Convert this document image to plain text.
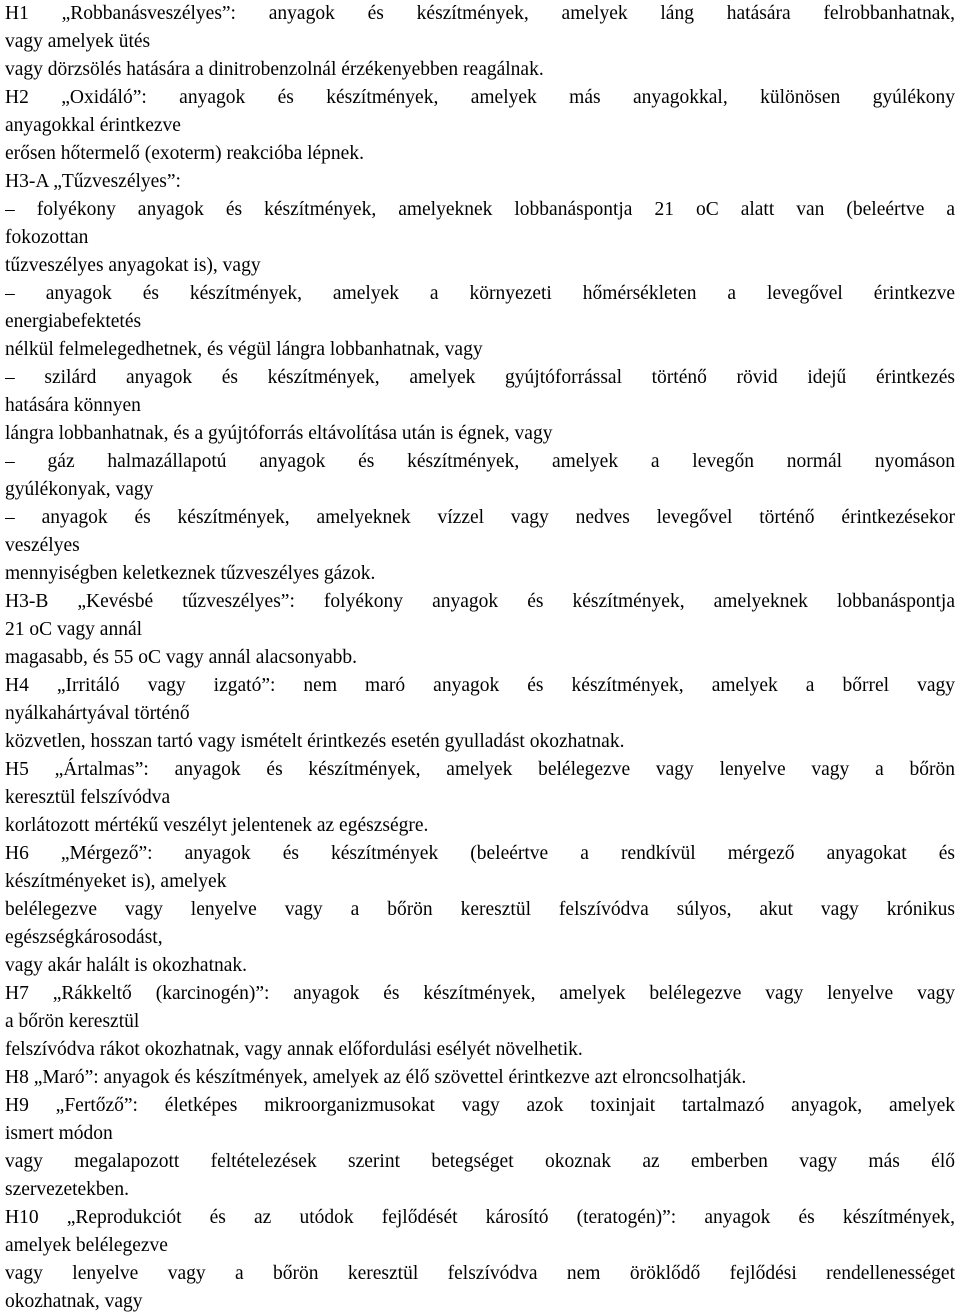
H1 „Robbanásveszélyes”: anyagok és készítmények, amelyek láng hatására felrobbanhatnak,
vagy amelyek ütés
vagy dörzsölés hatására a dinitrobenzolnál érzékenyebben reagálnak.
H2 „Oxidáló”: anyagok és készítmények, amelyek más anyagokkal, különösen gyúlékony
anyagokkal érintkezve
erősen hőtermelő (exoterm) reakcióba lépnek.
H3-A „Tűzveszélyes”:
– folyékony anyagok és készítmények, amelyeknek lobbanáspontja 21 oC alatt van (beleértve a
fokozottan
tűzveszélyes anyagokat is), vagy
– anyagok és készítmények, amelyek a környezeti hőmérsékleten a levegővel érintkezve
energiabefektetés
nélkül felmelegedhetnek, és végül lángra lobbanhatnak, vagy
– szilárd anyagok és készítmények, amelyek gyújtóforrással történő rövid idejű érintkezés
hatására könnyen
lángra lobbanhatnak, és a gyújtóforrás eltávolítása után is égnek, vagy
– gáz halmazállapotú anyagok és készítmények, amelyek a levegőn normál nyomáson
gyúlékonyak, vagy
– anyagok és készítmények, amelyeknek vízzel vagy nedves levegővel történő érintkezésekor
veszélyes
mennyiségben keletkeznek tűzveszélyes gázok.
H3-B „Kevésbé tűzveszélyes”: folyékony anyagok és készítmények, amelyeknek lobbanáspontja
21 oC vagy annál
magasabb, és 55 oC vagy annál alacsonyabb.
H4 „Irritáló vagy izgató”: nem maró anyagok és készítmények, amelyek a bőrrel vagy
nyálkahártyával történő
közvetlen, hosszan tartó vagy ismételt érintkezés esetén gyulladást okozhatnak.
H5 „Ártalmas”: anyagok és készítmények, amelyek belélegezve vagy lenyelve vagy a bőrön
keresztül felszívódva
korlátozott mértékű veszélyt jelentenek az egészségre.
H6 „Mérgező”: anyagok és készítmények (beleértve a rendkívül mérgező anyagokat és
készítményeket is), amelyek
belélegezve vagy lenyelve vagy a bőrön keresztül felszívódva súlyos, akut vagy krónikus
egészségkárosodást,
vagy akár halált is okozhatnak.
H7 „Rákkeltő (karcinogén)”: anyagok és készítmények, amelyek belélegezve vagy lenyelve vagy
a bőrön keresztül
felszívódva rákot okozhatnak, vagy annak előfordulási esélyét növelhetik.
H8 „Maró”: anyagok és készítmények, amelyek az élő szövettel érintkezve azt elroncsolhatják.
H9 „Fertőző”: életképes mikroorganizmusokat vagy azok toxinjait tartalmazó anyagok, amelyek
ismert módon
vagy megalapozott feltételezések szerint betegséget okoznak az emberben vagy más élő
szervezetekben.
H10 „Reprodukciót és az utódok fejlődését károsító (teratogén)”: anyagok és készítmények,
amelyek belélegezve
vagy lenyelve vagy a bőrön keresztül felszívódva nem öröklődő fejlődési rendellenességet
okozhatnak, vagy
